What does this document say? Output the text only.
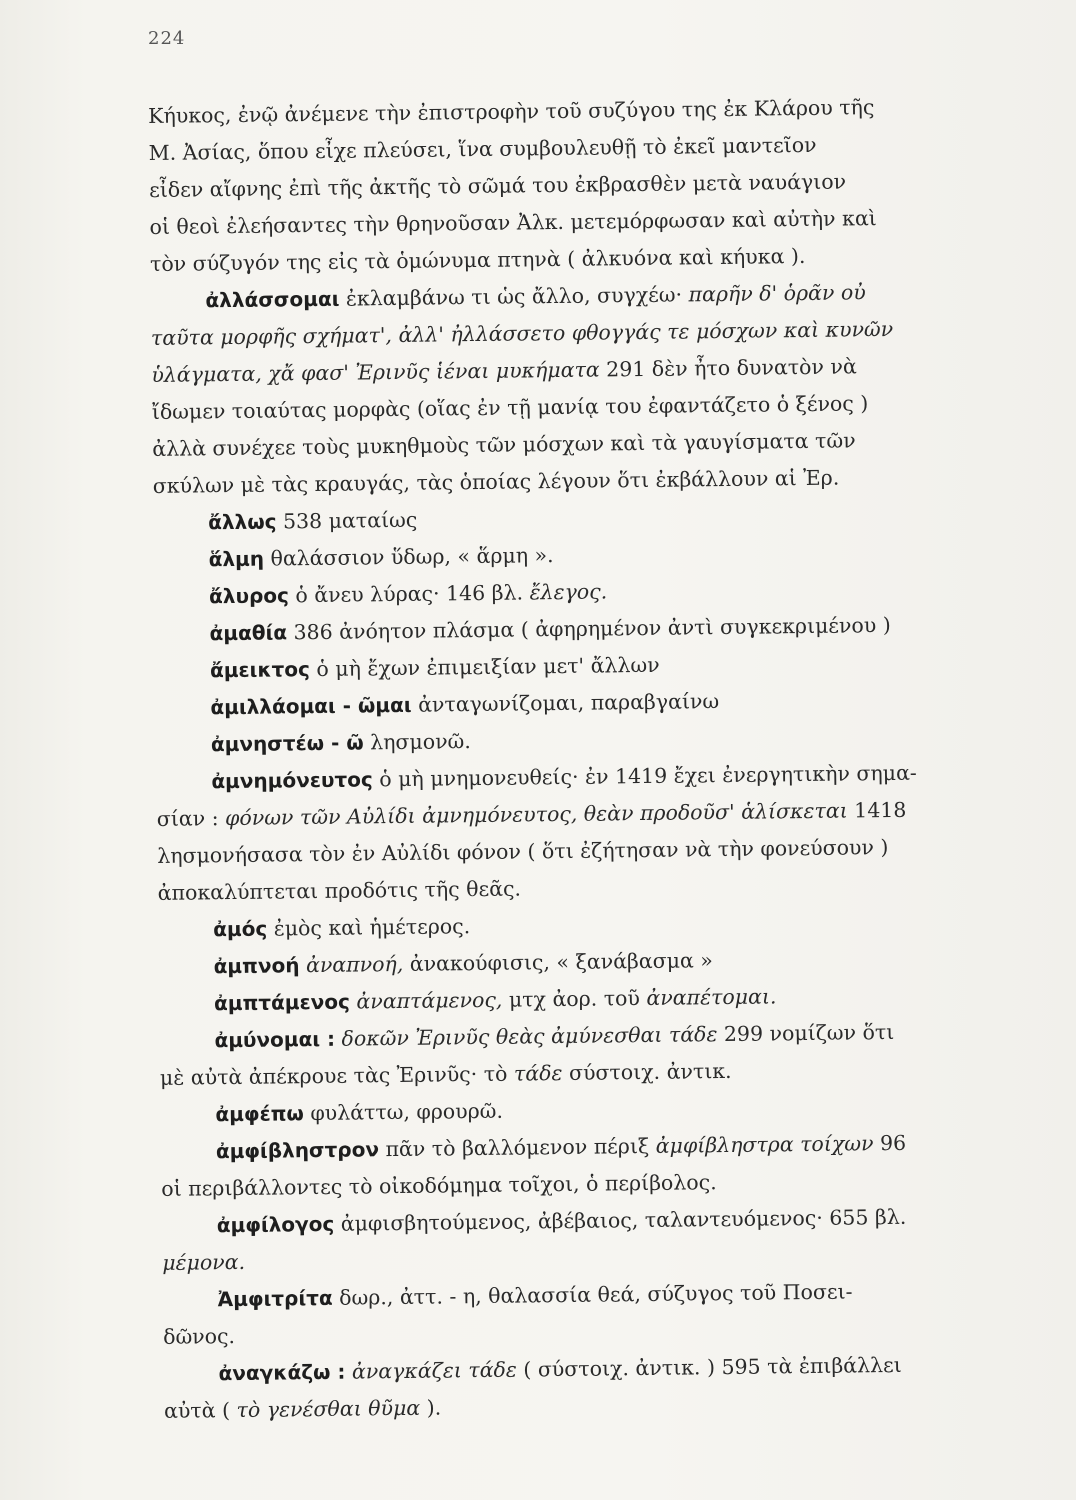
224
Κήυκος, ἐνῷ ἀνέμενε τὴν ἐπιστροφὴν τοῦ συζύγου της ἐκ Κλάρου τῆς
Μ. Ἀσίας, ὅπου εἶχε πλεύσει, ἵνα συμβουλευθῇ τὸ ἐκεῖ μαντεῖον
εἶδεν αἴφνης ἐπὶ τῆς ἀκτῆς τὸ σῶμά του ἐκβρασθὲν μετὰ ναυάγιον
οἱ θεοὶ ἐλεήσαντες τὴν θρηνοῦσαν Ἀλκ. μετεμόρφωσαν καὶ αὐτὴν καὶ
τὸν σύζυγόν της εἰς τὰ ὁμώνυμα πτηνὰ ( ἀλκυόνα καὶ κήυκα ).
ἀλλάσσομαι ἐκλαμβάνω τι ὡς ἄλλο, συγχέω· παρῆν δ' ὁρᾶν οὐ
ταῦτα μορφῆς σχήματ', ἀλλ' ἠλλάσσετο φθογγάς τε μόσχων καὶ κυνῶν
ὑλάγματα, χἄ φασ' Ἐρινῦς ἱέναι μυκήματα 291 δὲν ἦτο δυνατὸν νὰ
ἴδωμεν τοιαύτας μορφὰς (οἵας ἐν τῇ μανίᾳ του ἐφαντάζετο ὁ ξένος )
ἀλλὰ συνέχεε τοὺς μυκηθμοὺς τῶν μόσχων καὶ τὰ γαυγίσματα τῶν
σκύλων μὲ τὰς κραυγάς, τὰς ὁποίας λέγουν ὅτι ἐκβάλλουν αἱ Ἐρ.
ἄλλως 538 ματαίως
ἅλμη θαλάσσιον ὕδωρ, « ἅρμη ».
ἄλυρος ὁ ἄνευ λύρας· 146 βλ. ἔλεγος.
ἀμαθία 386 ἀνόητον πλάσμα ( ἀφηρημένον ἀντὶ συγκεκριμένου )
ἄμεικτος ὁ μὴ ἔχων ἐπιμειξίαν μετ' ἄλλων
ἀμιλλάομαι - ῶμαι ἀνταγωνίζομαι, παραβγαίνω
ἀμνηστέω - ῶ λησμονῶ.
ἀμνημόνευτος ὁ μὴ μνημονευθείς· ἐν 1419 ἔχει ἐνεργητικὴν σημα-
σίαν : φόνων τῶν Αὐλίδι ἀμνημόνευτος, θεὰν προδοῦσ' ἁλίσκεται 1418
λησμονήσασα τὸν ἐν Αὐλίδι φόνον ( ὅτι ἐζήτησαν νὰ τὴν φονεύσουν )
ἀποκαλύπτεται προδότις τῆς θεᾶς.
ἀμός ἐμὸς καὶ ἡμέτερος.
ἀμπνοή ἀναπνοή, ἀνακούφισις, « ξανάβασμα »
ἀμπτάμενος ἀναπτάμενος, μτχ ἀορ. τοῦ ἀναπέτομαι.
ἀμύνομαι : δοκῶν Ἐρινῦς θεὰς ἀμύνεσθαι τάδε 299 νομίζων ὅτι
μὲ αὐτὰ ἀπέκρουε τὰς Ἐρινῦς· τὸ τάδε σύστοιχ. ἀντικ.
ἀμφέπω φυλάττω, φρουρῶ.
ἀμφίβληστρον πᾶν τὸ βαλλόμενον πέριξ ἀμφίβληστρα τοίχων 96
οἱ περιβάλλοντες τὸ οἰκοδόμημα τοῖχοι, ὁ περίβολος.
ἀμφίλογος ἀμφισβητούμενος, ἀβέβαιος, ταλαντευόμενος· 655 βλ.
μέμονα.
Ἀμφιτρίτα δωρ., ἀττ. - η, θαλασσία θεά, σύζυγος τοῦ Ποσει-
δῶνος.
ἀναγκάζω : ἀναγκάζει τάδε ( σύστοιχ. ἀντικ. ) 595 τὰ ἐπιβάλλει
αὐτὰ ( τὸ γενέσθαι θῦμα ).
